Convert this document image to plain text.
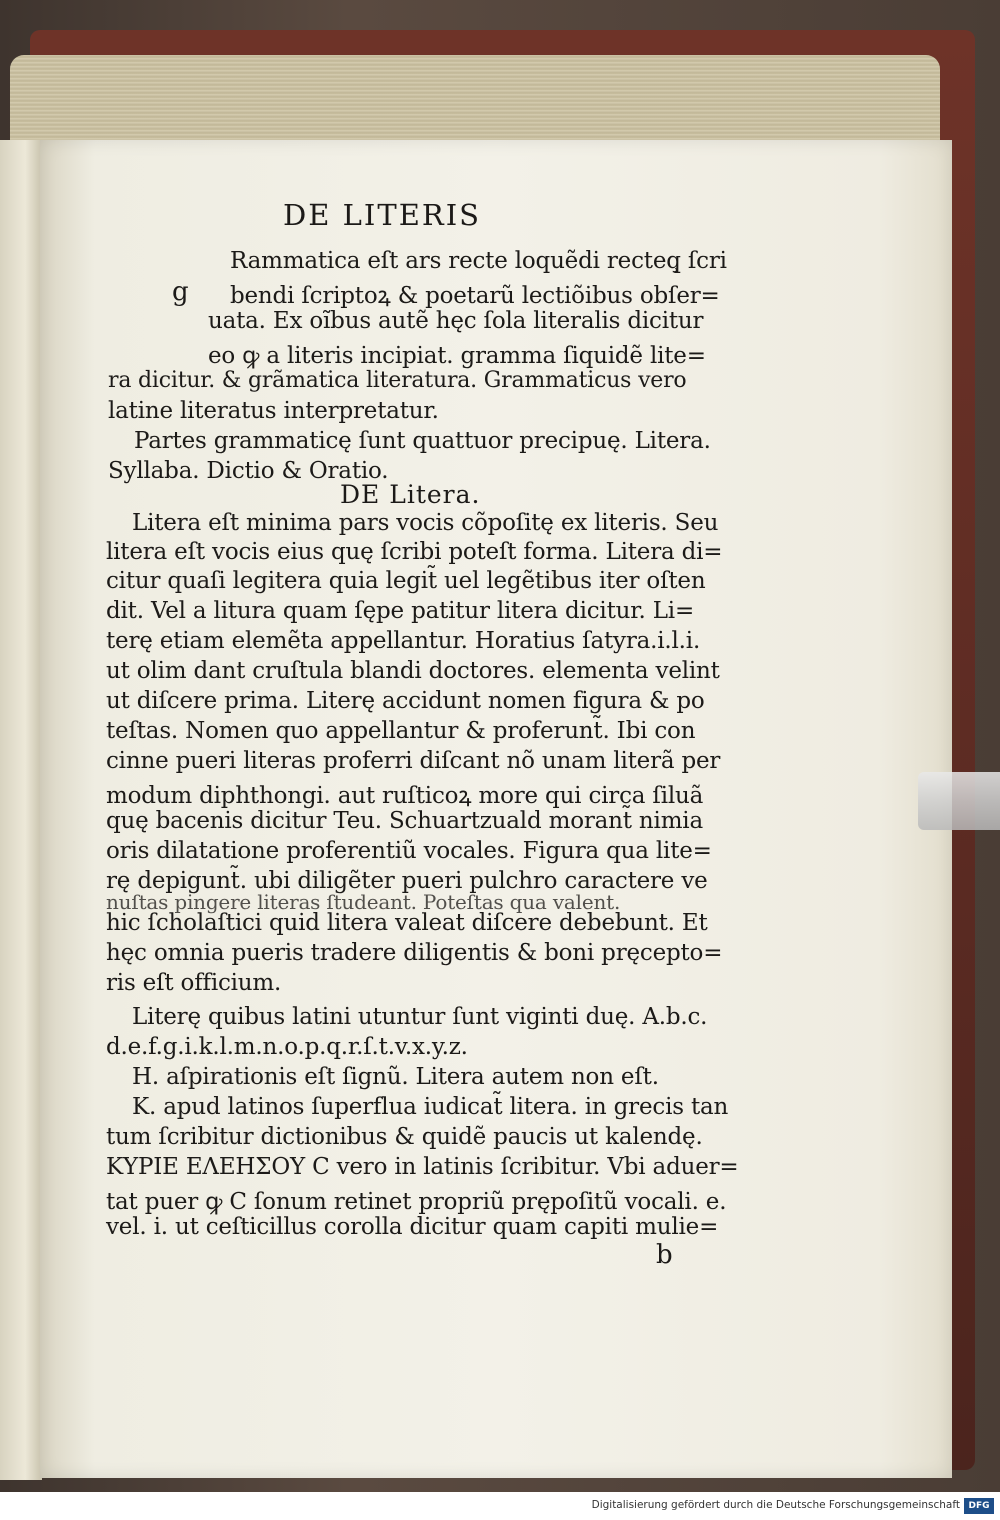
DE LITERIS
g
Rammatica eſt ars recte loquẽdi recteq̧ ſcri
bendi ſcriptoꝝ & poetarũ lectiõibus obſer=
uata. Ex oĩbus autẽ hęc ſola literalis dicitur
eo ꝙ a literis incipiat. gramma ſiquidẽ lite=
ra dicitur. & grãmatica literatura. Grammaticus vero
latine literatus interpretatur.
Partes grammaticę ſunt quattuor precipuę. Litera.
Syllaba. Dictio & Oratio.
DE Litera.
Litera eſt minima pars vocis cõpoſitę ex literis. Seu
litera eſt vocis eius quę ſcribi poteſt forma. Litera di=
citur quaſi legitera quia legit̃ uel legẽtibus iter oſten
dit. Vel a litura quam ſępe patitur litera dicitur. Li=
terę etiam elemẽta appellantur. Horatius ſatyra.i.l.i.
ut olim dant cruſtula blandi doctores. elementa velint
ut diſcere prima. Literę accidunt nomen figura & po
teſtas. Nomen quo appellantur & proferunt̃. Ibi con
cinne pueri literas proferri diſcant nõ unam literã per
modum diphthongi. aut ruſticoꝝ more qui circa ſiluã
quę bacenis dicitur Teu. Schuartzuald morant̃ nimia
oris dilatatione proferentiũ vocales. Figura qua lite=
rę depigunt̃. ubi diligẽter pueri pulchro caractere ve
nuſtas pingere literas ſtudeant. Poteſtas qua valent.
hic ſcholaſtici quid litera valeat diſcere debebunt. Et
hęc omnia pueris tradere diligentis & boni pręcepto=
ris eſt officium.
Literę quibus latini utuntur ſunt viginti duę. A.b.c.
d.e.f.g.i.k.l.m.n.o.p.q.r.ſ.t.v.x.y.z.
H. aſpirationis eſt ſignũ. Litera autem non eſt.
K. apud latinos ſuperflua iudicat̃ litera. in grecis tan
tum ſcribitur dictionibus & quidẽ paucis ut kalendę.
ΚΥΡΙΕ ΕΛΕΗΣΟΥ C vero in latinis ſcribitur. Vbi aduer=
tat puer ꝙ C ſonum retinet propriũ prępoſitũ vocali. e.
vel. i. ut ceſticillus corolla dicitur quam capiti mulie=
b
Digitalisierung gefördert durch die Deutsche Forschungsgemeinschaft DFG
